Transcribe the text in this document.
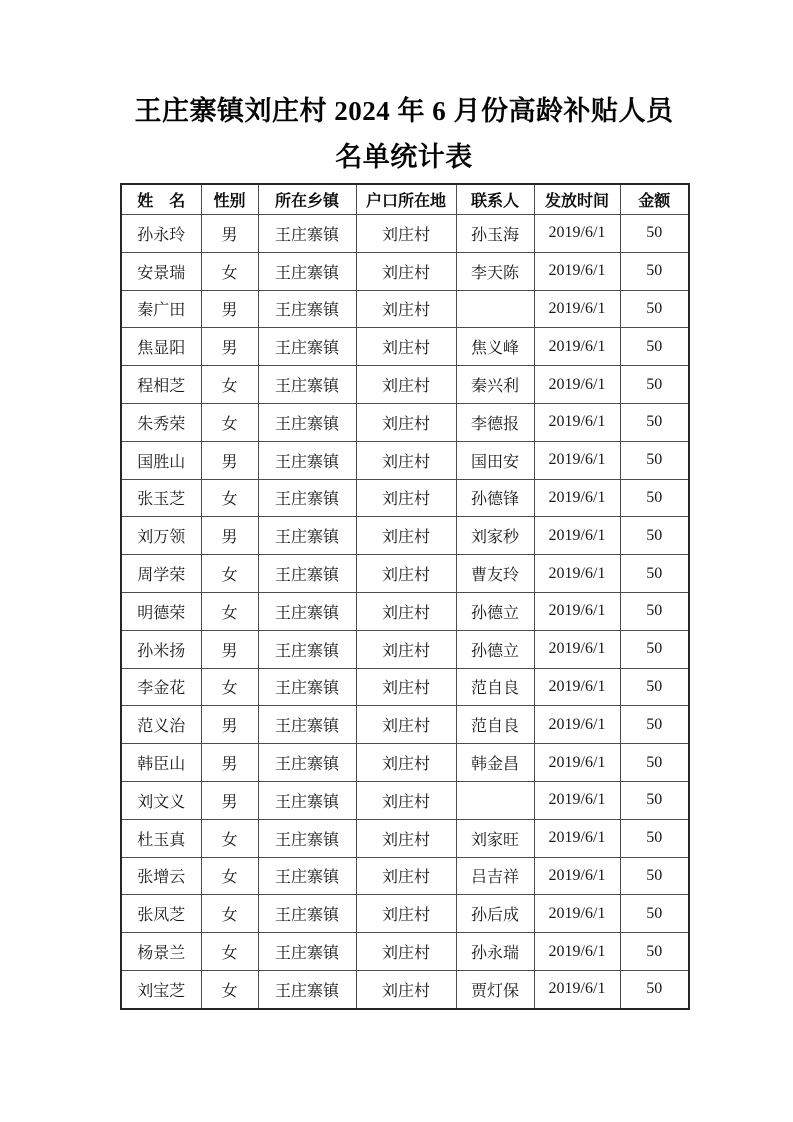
王庄寨镇刘庄村 2024 年 6 月份高龄补贴人员
名单统计表
姓　名	性别	所在乡镇	户口所在地	联系人	发放时间	金额
孙永玲	男	王庄寨镇	刘庄村	孙玉海	2019/6/1	50
安景瑞	女	王庄寨镇	刘庄村	李天陈	2019/6/1	50
秦广田	男	王庄寨镇	刘庄村		2019/6/1	50
焦显阳	男	王庄寨镇	刘庄村	焦义峰	2019/6/1	50
程相芝	女	王庄寨镇	刘庄村	秦兴利	2019/6/1	50
朱秀荣	女	王庄寨镇	刘庄村	李德报	2019/6/1	50
国胜山	男	王庄寨镇	刘庄村	国田安	2019/6/1	50
张玉芝	女	王庄寨镇	刘庄村	孙德锋	2019/6/1	50
刘万领	男	王庄寨镇	刘庄村	刘家秒	2019/6/1	50
周学荣	女	王庄寨镇	刘庄村	曹友玲	2019/6/1	50
明德荣	女	王庄寨镇	刘庄村	孙德立	2019/6/1	50
孙米扬	男	王庄寨镇	刘庄村	孙德立	2019/6/1	50
李金花	女	王庄寨镇	刘庄村	范自良	2019/6/1	50
范义治	男	王庄寨镇	刘庄村	范自良	2019/6/1	50
韩臣山	男	王庄寨镇	刘庄村	韩金昌	2019/6/1	50
刘文义	男	王庄寨镇	刘庄村		2019/6/1	50
杜玉真	女	王庄寨镇	刘庄村	刘家旺	2019/6/1	50
张增云	女	王庄寨镇	刘庄村	吕吉祥	2019/6/1	50
张凤芝	女	王庄寨镇	刘庄村	孙后成	2019/6/1	50
杨景兰	女	王庄寨镇	刘庄村	孙永瑞	2019/6/1	50
刘宝芝	女	王庄寨镇	刘庄村	贾灯保	2019/6/1	50
